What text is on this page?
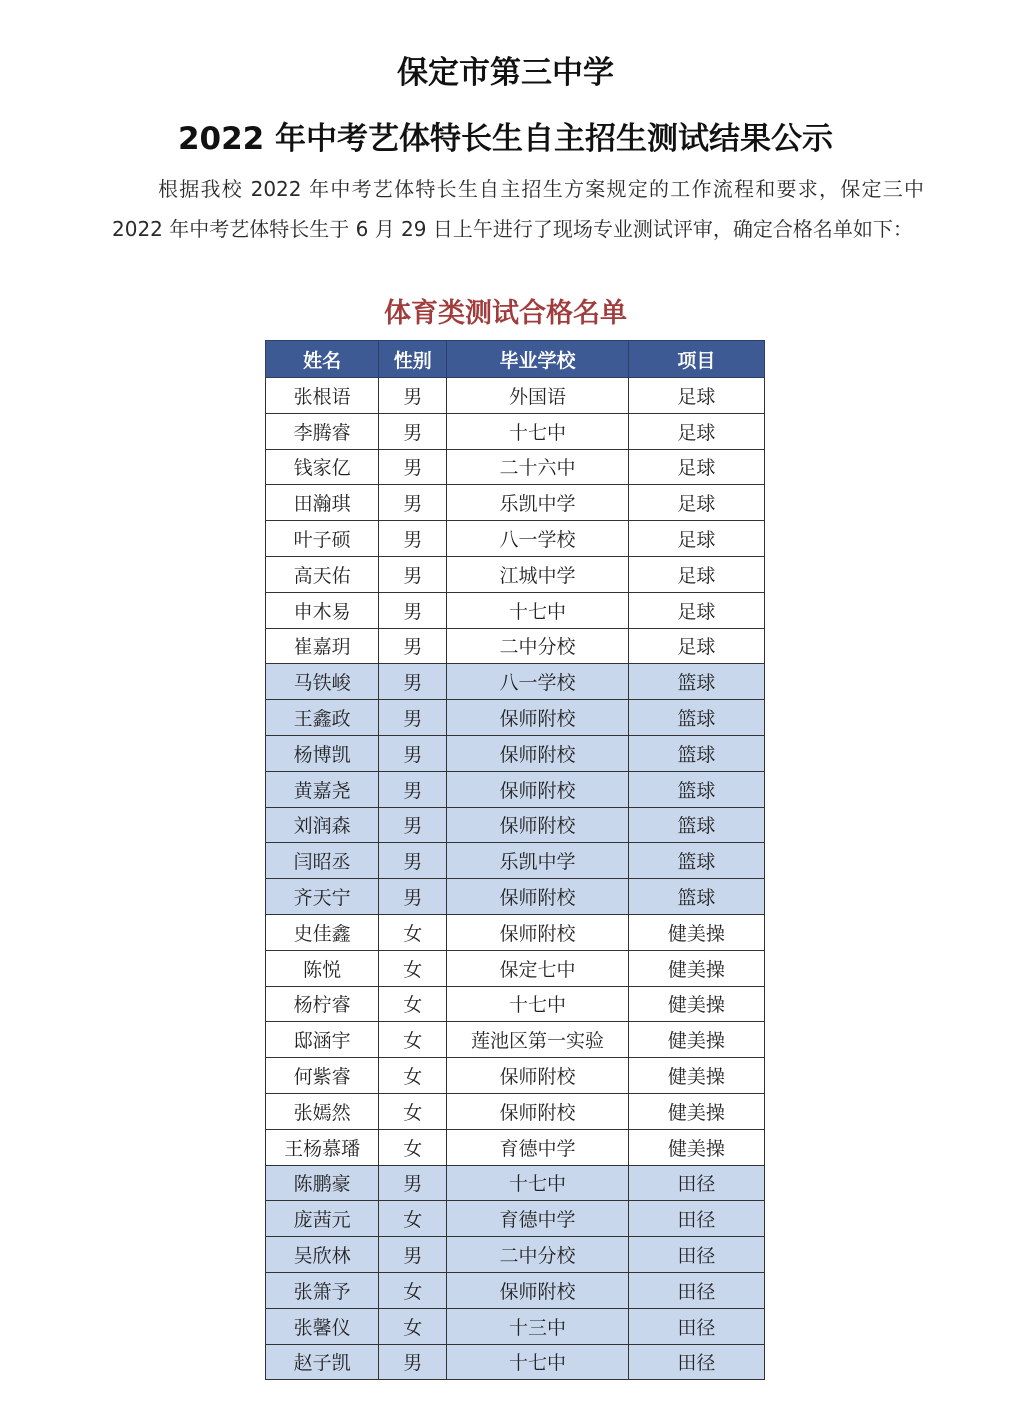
保定市第三中学
2022 年中考艺体特长生自主招生测试结果公示

根据我校 2022 年中考艺体特长生自主招生方案规定的工作流程和要求，保定三中 2022 年中考艺体特长生于 6 月 29 日上午进行了现场专业测试评审，确定合格名单如下：

体育类测试合格名单
姓名	性别	毕业学校	项目
张根语	男	外国语	足球
李腾睿	男	十七中	足球
钱家亿	男	二十六中	足球
田瀚琪	男	乐凯中学	足球
叶子硕	男	八一学校	足球
高天佑	男	江城中学	足球
申木易	男	十七中	足球
崔嘉玥	男	二中分校	足球
马铁峻	男	八一学校	篮球
王鑫政	男	保师附校	篮球
杨博凯	男	保师附校	篮球
黄嘉尧	男	保师附校	篮球
刘润森	男	保师附校	篮球
闫昭丞	男	乐凯中学	篮球
齐天宁	男	保师附校	篮球
史佳鑫	女	保师附校	健美操
陈悦	女	保定七中	健美操
杨柠睿	女	十七中	健美操
邸涵宇	女	莲池区第一实验	健美操
何紫睿	女	保师附校	健美操
张嫣然	女	保师附校	健美操
王杨慕璠	女	育德中学	健美操
陈鹏豪	男	十七中	田径
庞茜元	女	育德中学	田径
吴欣林	男	二中分校	田径
张箫予	女	保师附校	田径
张馨仪	女	十三中	田径
赵子凯	男	十七中	田径
